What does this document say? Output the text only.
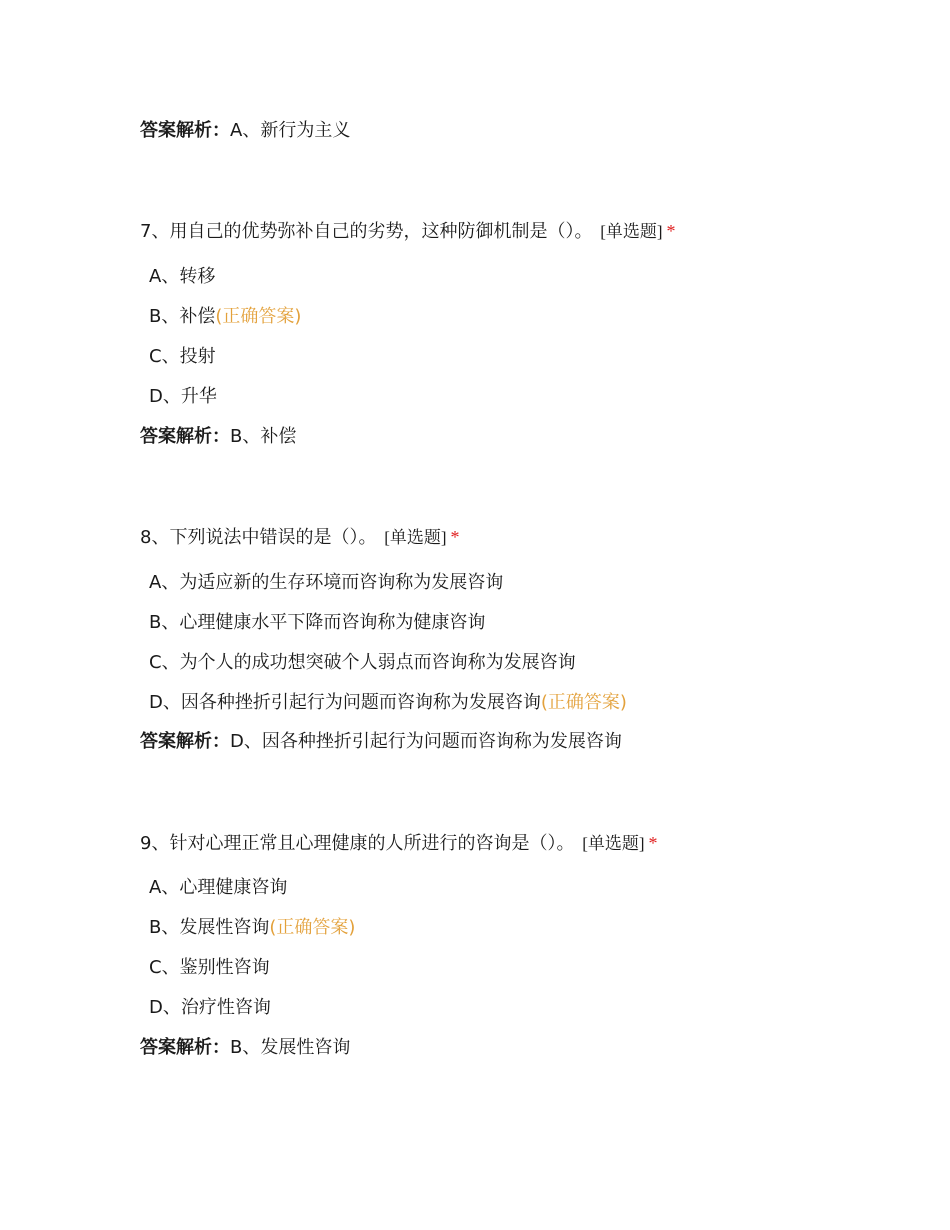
答案解析：A、新行为主义
7、用自己的优势弥补自己的劣势，这种防御机制是（）。 [单选题] *
A、转移
B、补偿(正确答案)
C、投射
D、升华
答案解析：B、补偿
8、下列说法中错误的是（）。 [单选题] *
A、为适应新的生存环境而咨询称为发展咨询
B、心理健康水平下降而咨询称为健康咨询
C、为个人的成功想突破个人弱点而咨询称为发展咨询
D、因各种挫折引起行为问题而咨询称为发展咨询(正确答案)
答案解析：D、因各种挫折引起行为问题而咨询称为发展咨询
9、针对心理正常且心理健康的人所进行的咨询是（）。 [单选题] *
A、心理健康咨询
B、发展性咨询(正确答案)
C、鉴别性咨询
D、治疗性咨询
答案解析：B、发展性咨询
